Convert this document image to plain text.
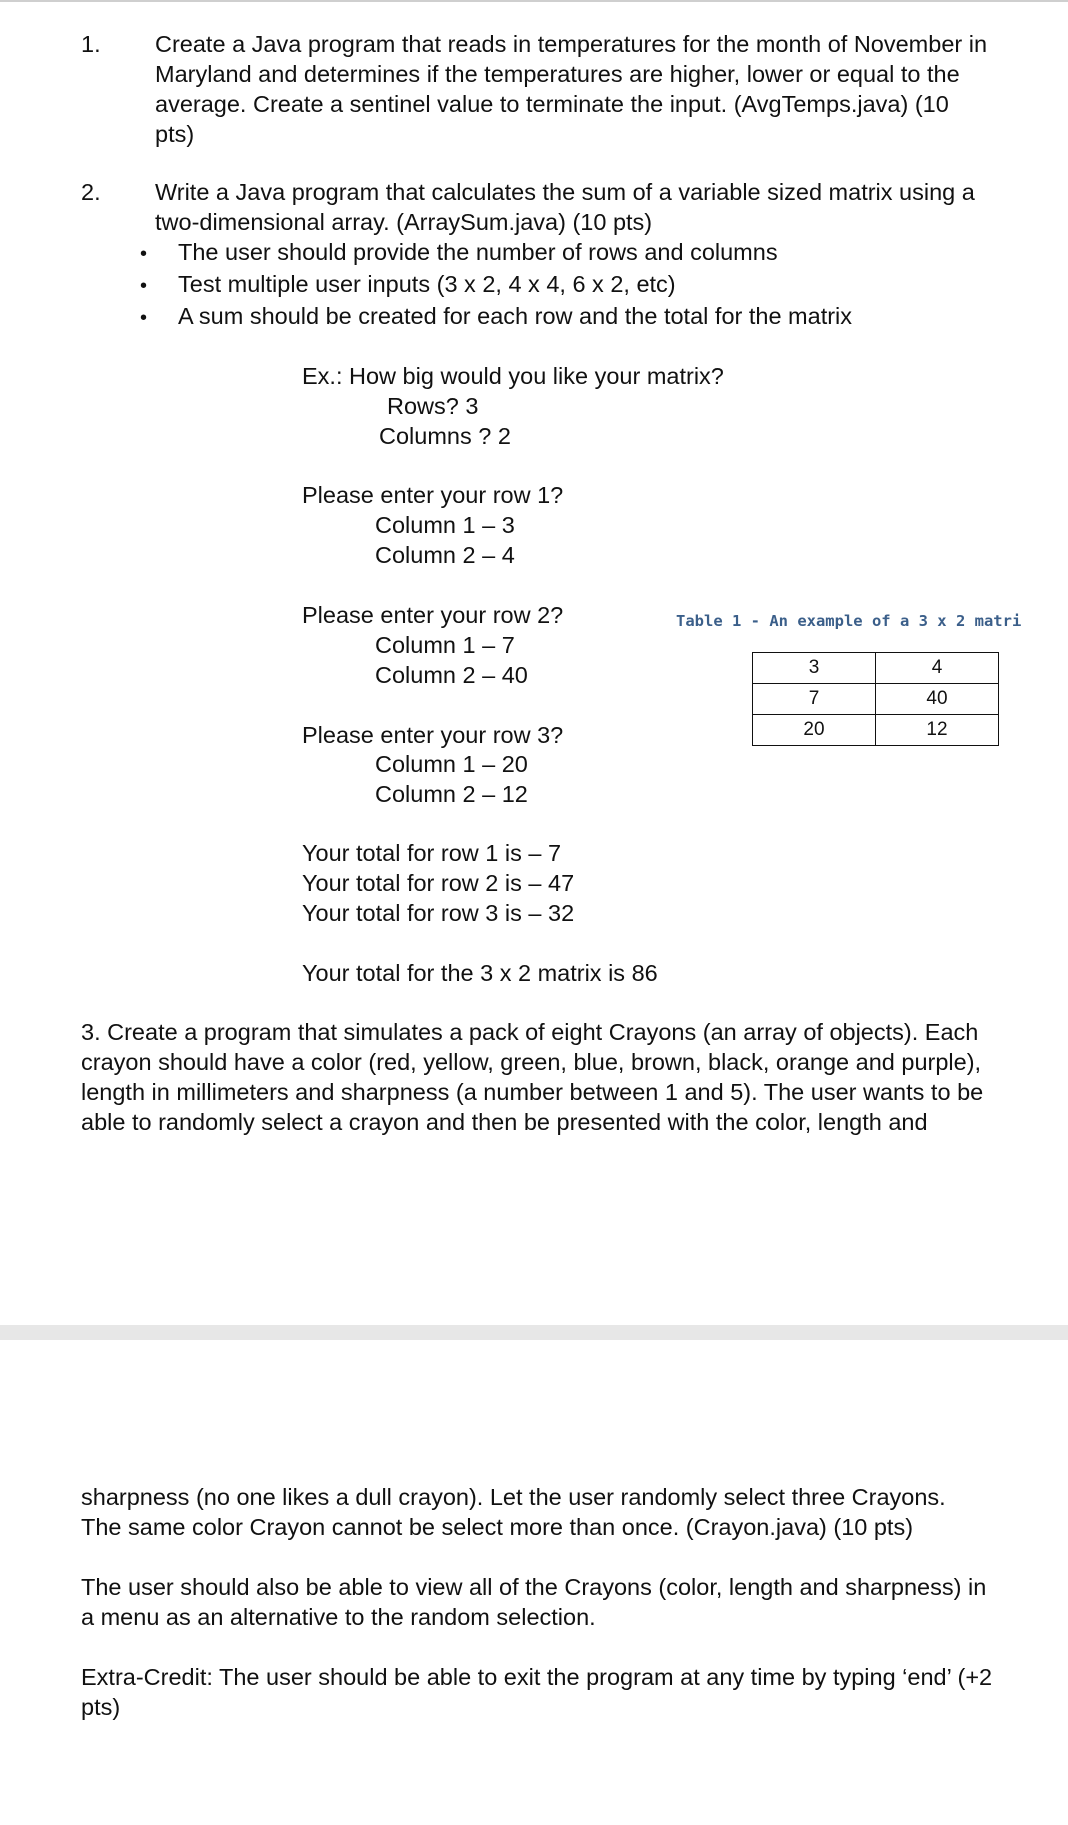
1. Create a Java program that reads in temperatures for the month of November in
Maryland and determines if the temperatures are higher, lower or equal to the
average. Create a sentinel value to terminate the input. (AvgTemps.java) (10
pts)
2. Write a Java program that calculates the sum of a variable sized matrix using a
two-dimensional array. (ArraySum.java) (10 pts)
•
The user should provide the number of rows and columns
•
Test multiple user inputs (3 x 2, 4 x 4, 6 x 2, etc)
•
A sum should be created for each row and the total for the matrix
Ex.: How big would you like your matrix?
Rows? 3
Columns ? 2
Please enter your row 1?
Column 1 – 3
Column 2 – 4
Please enter your row 2?
Column 1 – 7
Column 2 – 40
Please enter your row 3?
Column 1 – 20
Column 2 – 12
Your total for row 1 is – 7
Your total for row 2 is – 47
Your total for row 3 is – 32
Your total for the 3 x 2 matrix is 86
Table 1 - An example of a 3 x 2 matri
3	4
7	40
20	12
3. Create a program that simulates a pack of eight Crayons (an array of objects). Each
crayon should have a color (red, yellow, green, blue, brown, black, orange and purple),
length in millimeters and sharpness (a number between 1 and 5). The user wants to be
able to randomly select a crayon and then be presented with the color, length and
sharpness (no one likes a dull crayon). Let the user randomly select three Crayons.
The same color Crayon cannot be select more than once. (Crayon.java) (10 pts)
The user should also be able to view all of the Crayons (color, length and sharpness) in
a menu as an alternative to the random selection.
Extra-Credit: The user should be able to exit the program at any time by typing ‘end’ (+2
pts)
